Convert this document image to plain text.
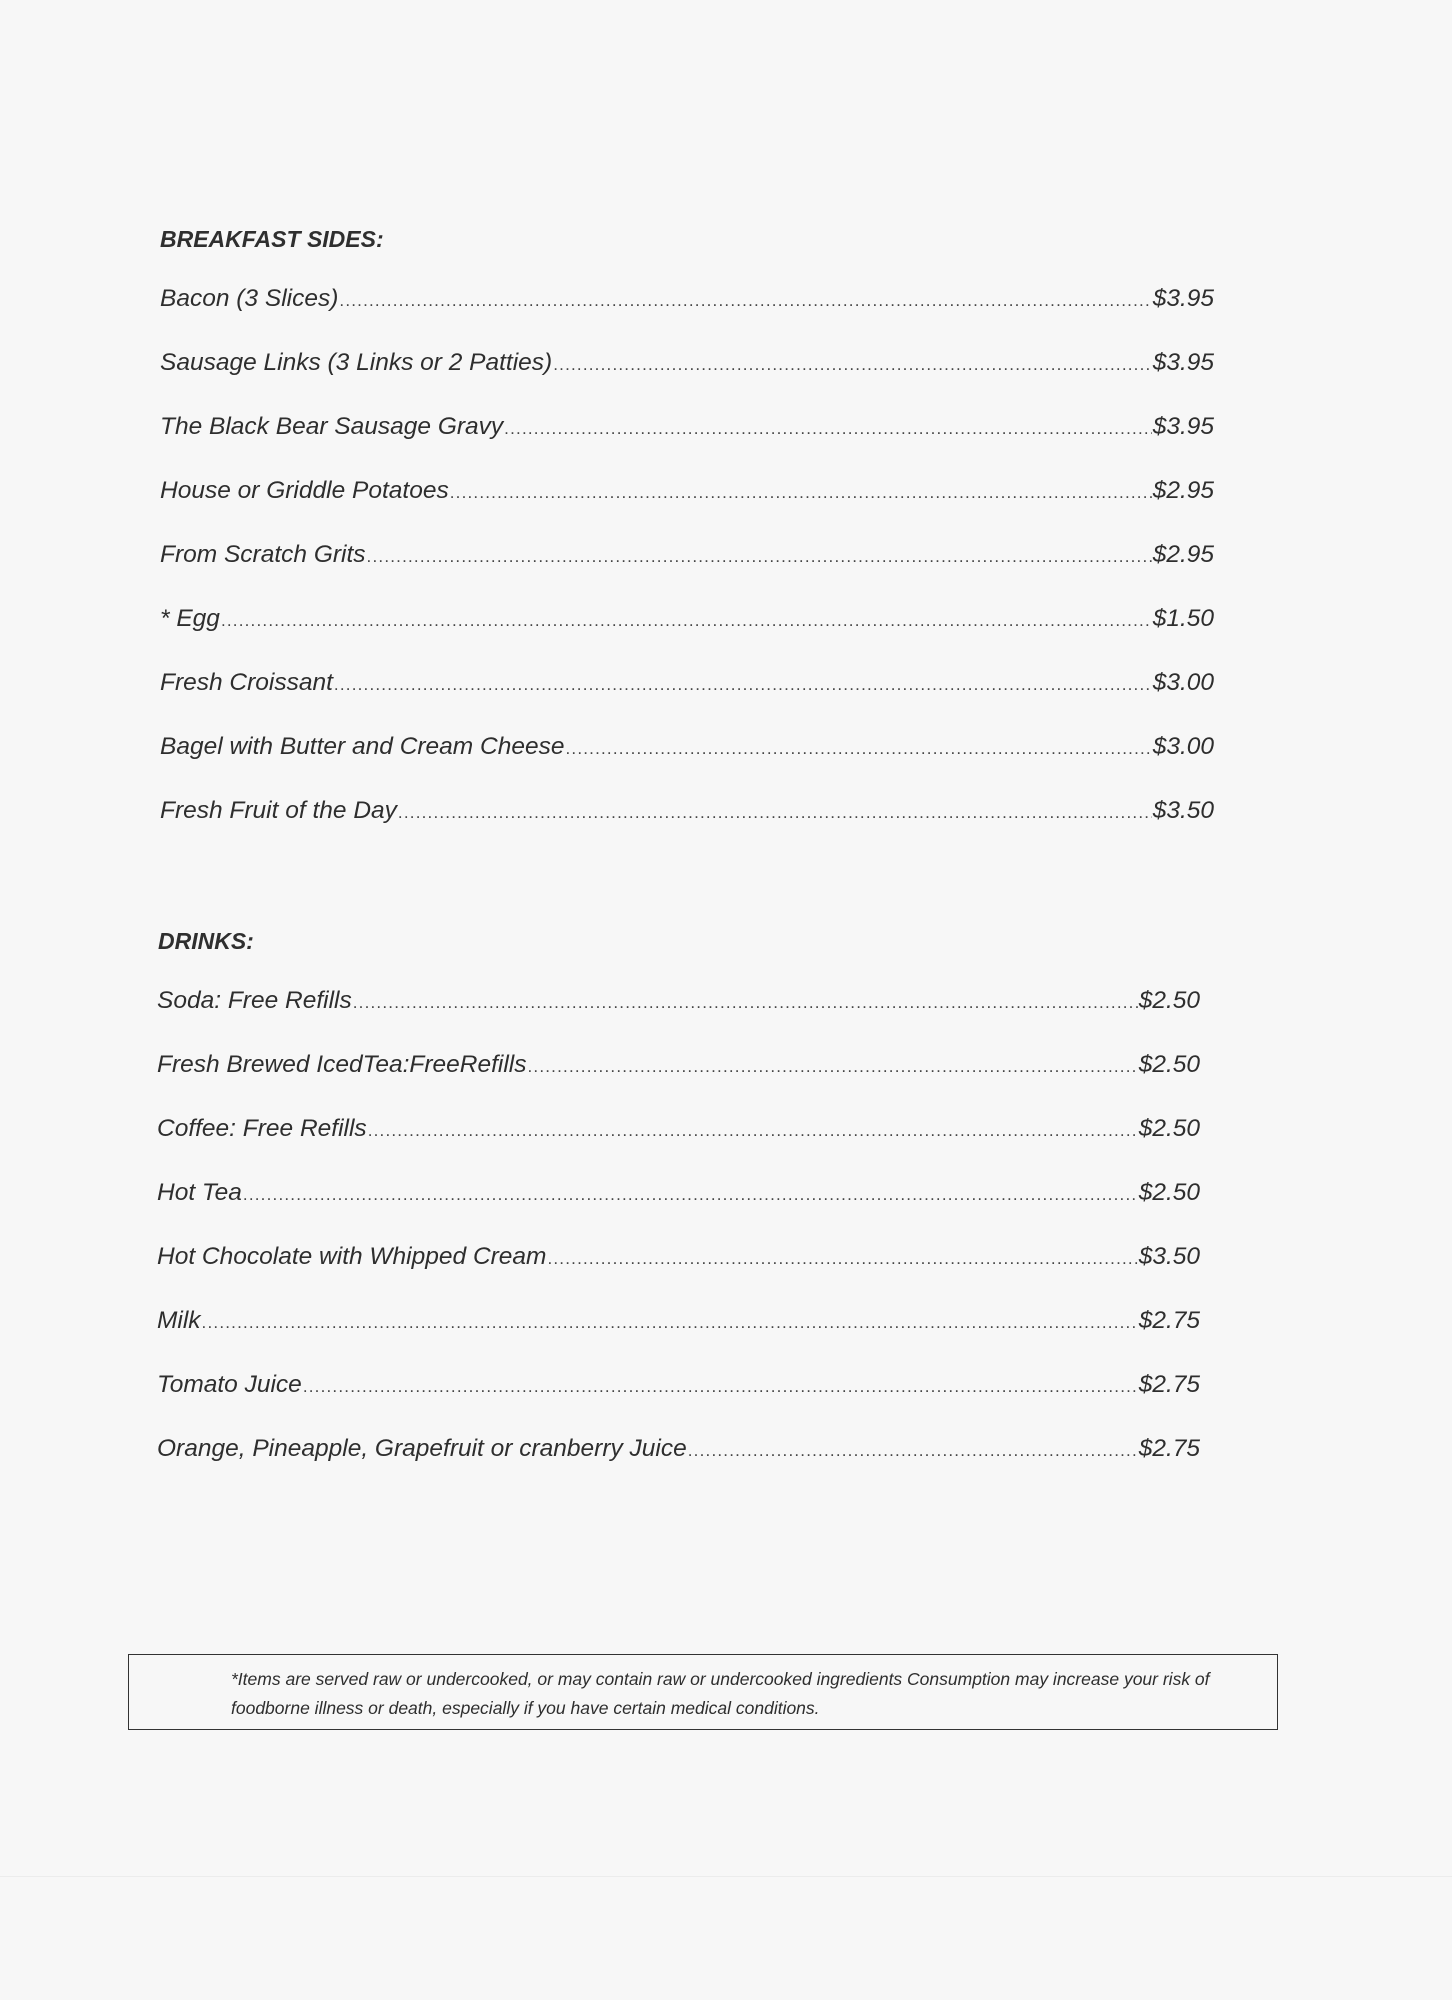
BREAKFAST SIDES:
Bacon (3 Slices) .....	$3.95
Sausage Links (3 Links or 2 Patties) .....	$3.95
The Black Bear Sausage Gravy .....	$3.95
House or Griddle Potatoes .....	$2.95
From Scratch Grits .....	$2.95
* Egg .....	$1.50
Fresh Croissant .....	$3.00
Bagel with Butter and Cream Cheese .....	$3.00
Fresh Fruit of the Day .....	$3.50
DRINKS:
Soda: Free Refills .....	$2.50
Fresh Brewed IcedTea:FreeRefills .....	$2.50
Coffee: Free Refills .....	$2.50
Hot Tea .....	$2.50
Hot Chocolate with Whipped Cream .....	$3.50
Milk .....	$2.75
Tomato Juice .....	$2.75
Orange, Pineapple, Grapefruit or cranberry Juice .....	$2.75

*Items are served raw or undercooked, or may contain raw or undercooked ingredients Consumption may increase your risk of foodborne illness or death, especially if you have certain medical conditions.
